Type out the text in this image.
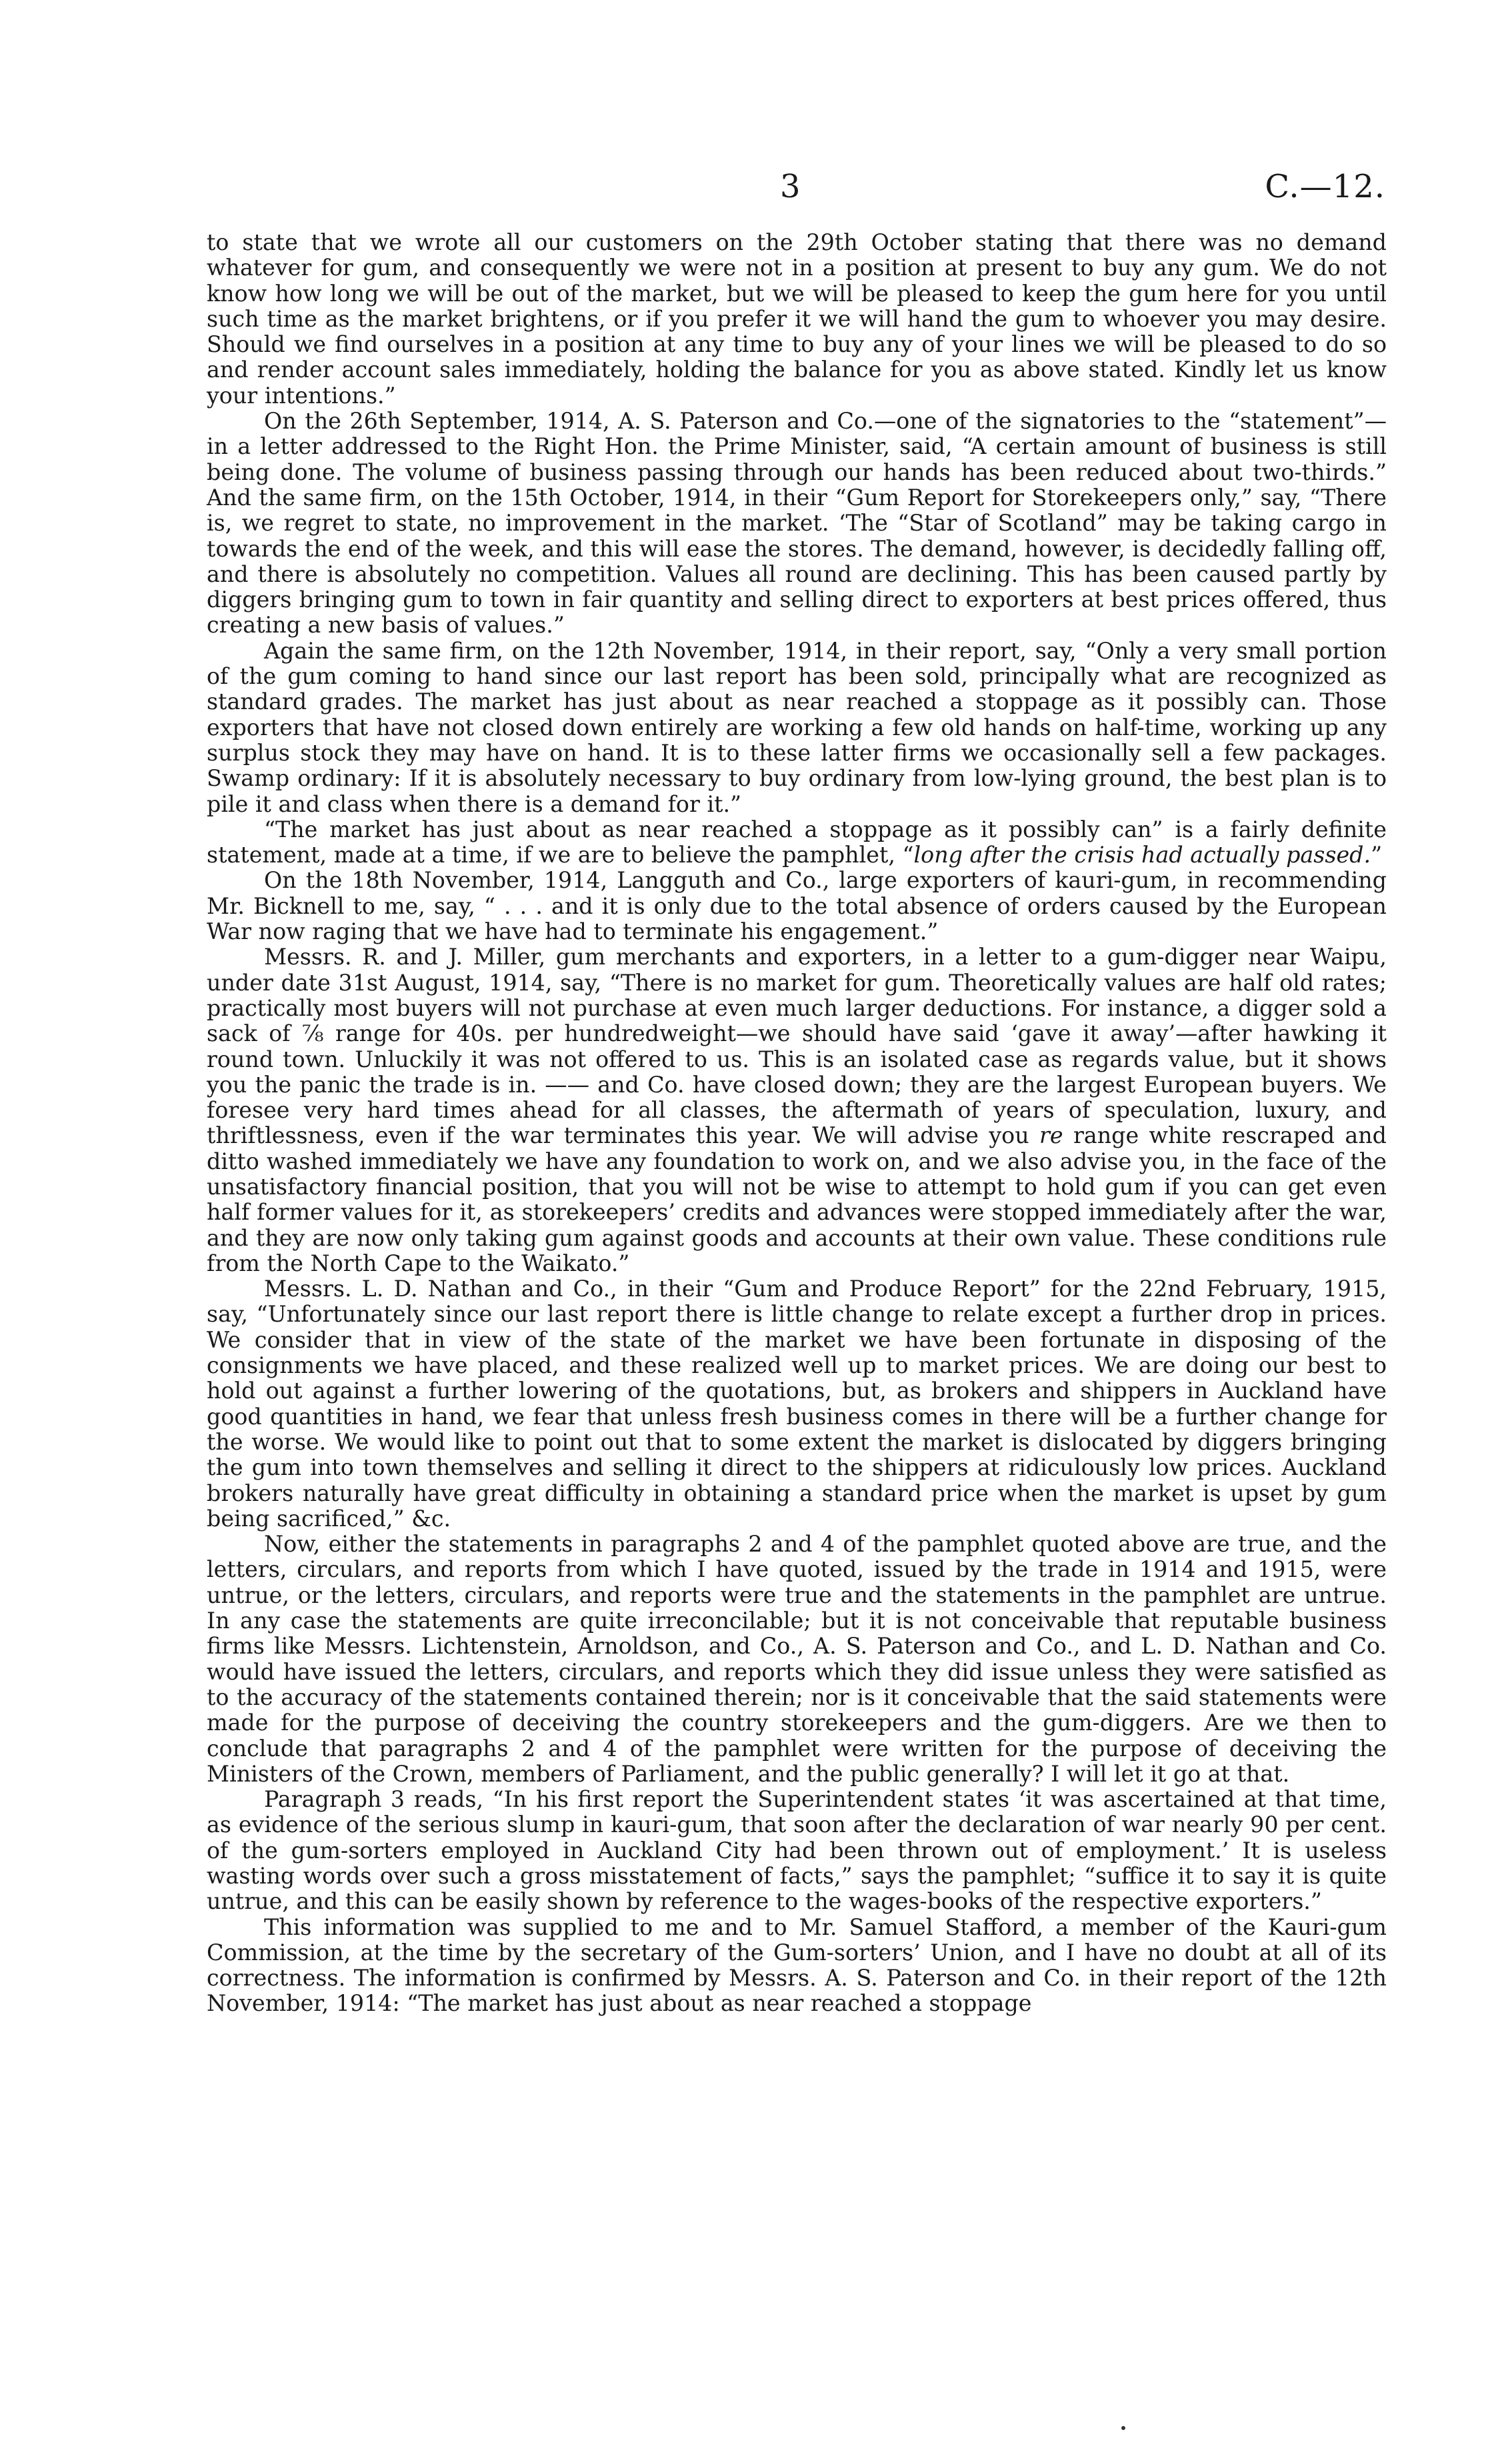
3	C.—12.

to state that we wrote all our customers on the 29th October stating that there was no demand whatever for gum, and consequently we were not in a position at present to buy any gum. We do not know how long we will be out of the market, but we will be pleased to keep the gum here for you until such time as the market brightens, or if you prefer it we will hand the gum to whoever you may desire. Should we find ourselves in a position at any time to buy any of your lines we will be pleased to do so and render account sales immediately, holding the balance for you as above stated. Kindly let us know your intentions.”

On the 26th September, 1914, A. S. Paterson and Co.—one of the signatories to the “statement”—in a letter addressed to the Right Hon. the Prime Minister, said, “A certain amount of business is still being done. The volume of business passing through our hands has been reduced about two-thirds.” And the same firm, on the 15th October, 1914, in their “Gum Report for Storekeepers only,” say, “There is, we regret to state, no improvement in the market. ‘The “Star of Scotland” may be taking cargo in towards the end of the week, and this will ease the stores. The demand, however, is decidedly falling off, and there is absolutely no competition. Values all round are declining. This has been caused partly by diggers bringing gum to town in fair quantity and selling direct to exporters at best prices offered, thus creating a new basis of values.”

Again the same firm, on the 12th November, 1914, in their report, say, “Only a very small portion of the gum coming to hand since our last report has been sold, principally what are recognized as standard grades. The market has just about as near reached a stoppage as it possibly can. Those exporters that have not closed down entirely are working a few old hands on half-time, working up any surplus stock they may have on hand. It is to these latter firms we occasionally sell a few packages. Swamp ordinary: If it is absolutely necessary to buy ordinary from low-lying ground, the best plan is to pile it and class when there is a demand for it.”

“The market has just about as near reached a stoppage as it possibly can” is a fairly definite statement, made at a time, if we are to believe the pamphlet, “long after the crisis had actually passed.”

On the 18th November, 1914, Langguth and Co., large exporters of kauri-gum, in recommending Mr. Bicknell to me, say, “ . . . and it is only due to the total absence of orders caused by the European War now raging that we have had to terminate his engagement.”

Messrs. R. and J. Miller, gum merchants and exporters, in a letter to a gum-digger near Waipu, under date 31st August, 1914, say, “There is no market for gum. Theoretically values are half old rates; practically most buyers will not purchase at even much larger deductions. For instance, a digger sold a sack of ⅞ range for 40s. per hundredweight—we should have said ‘gave it away’—after hawking it round town. Unluckily it was not offered to us. This is an isolated case as regards value, but it shows you the panic the trade is in. —— and Co. have closed down; they are the largest European buyers. We foresee very hard times ahead for all classes, the aftermath of years of speculation, luxury, and thriftlessness, even if the war terminates this year. We will advise you re range white rescraped and ditto washed immediately we have any foundation to work on, and we also advise you, in the face of the unsatisfactory financial position, that you will not be wise to attempt to hold gum if you can get even half former values for it, as storekeepers’ credits and advances were stopped immediately after the war, and they are now only taking gum against goods and accounts at their own value. These conditions rule from the North Cape to the Waikato.”

Messrs. L. D. Nathan and Co., in their “Gum and Produce Report” for the 22nd February, 1915, say, “Unfortunately since our last report there is little change to relate except a further drop in prices. We consider that in view of the state of the market we have been fortunate in disposing of the consignments we have placed, and these realized well up to market prices. We are doing our best to hold out against a further lowering of the quotations, but, as brokers and shippers in Auckland have good quantities in hand, we fear that unless fresh business comes in there will be a further change for the worse. We would like to point out that to some extent the market is dislocated by diggers bringing the gum into town themselves and selling it direct to the shippers at ridiculously low prices. Auckland brokers naturally have great difficulty in obtaining a standard price when the market is upset by gum being sacrificed,” &c.

Now, either the statements in paragraphs 2 and 4 of the pamphlet quoted above are true, and the letters, circulars, and reports from which I have quoted, issued by the trade in 1914 and 1915, were untrue, or the letters, circulars, and reports were true and the statements in the pamphlet are untrue. In any case the statements are quite irreconcilable; but it is not conceivable that reputable business firms like Messrs. Lichtenstein, Arnoldson, and Co., A. S. Paterson and Co., and L. D. Nathan and Co. would have issued the letters, circulars, and reports which they did issue unless they were satisfied as to the accuracy of the statements contained therein; nor is it conceivable that the said statements were made for the purpose of deceiving the country storekeepers and the gum-diggers. Are we then to conclude that paragraphs 2 and 4 of the pamphlet were written for the purpose of deceiving the Ministers of the Crown, members of Parliament, and the public generally? I will let it go at that.

Paragraph 3 reads, “In his first report the Superintendent states ‘it was ascertained at that time, as evidence of the serious slump in kauri-gum, that soon after the declaration of war nearly 90 per cent. of the gum-sorters employed in Auckland City had been thrown out of employment.’ It is useless wasting words over such a gross misstatement of facts,” says the pamphlet; “suffice it to say it is quite untrue, and this can be easily shown by reference to the wages-books of the respective exporters.”

This information was supplied to me and to Mr. Samuel Stafford, a member of the Kauri-gum Commission, at the time by the secretary of the Gum-sorters’ Union, and I have no doubt at all of its correctness. The information is confirmed by Messrs. A. S. Paterson and Co. in their report of the 12th November, 1914: “The market has just about as near reached a stoppage
